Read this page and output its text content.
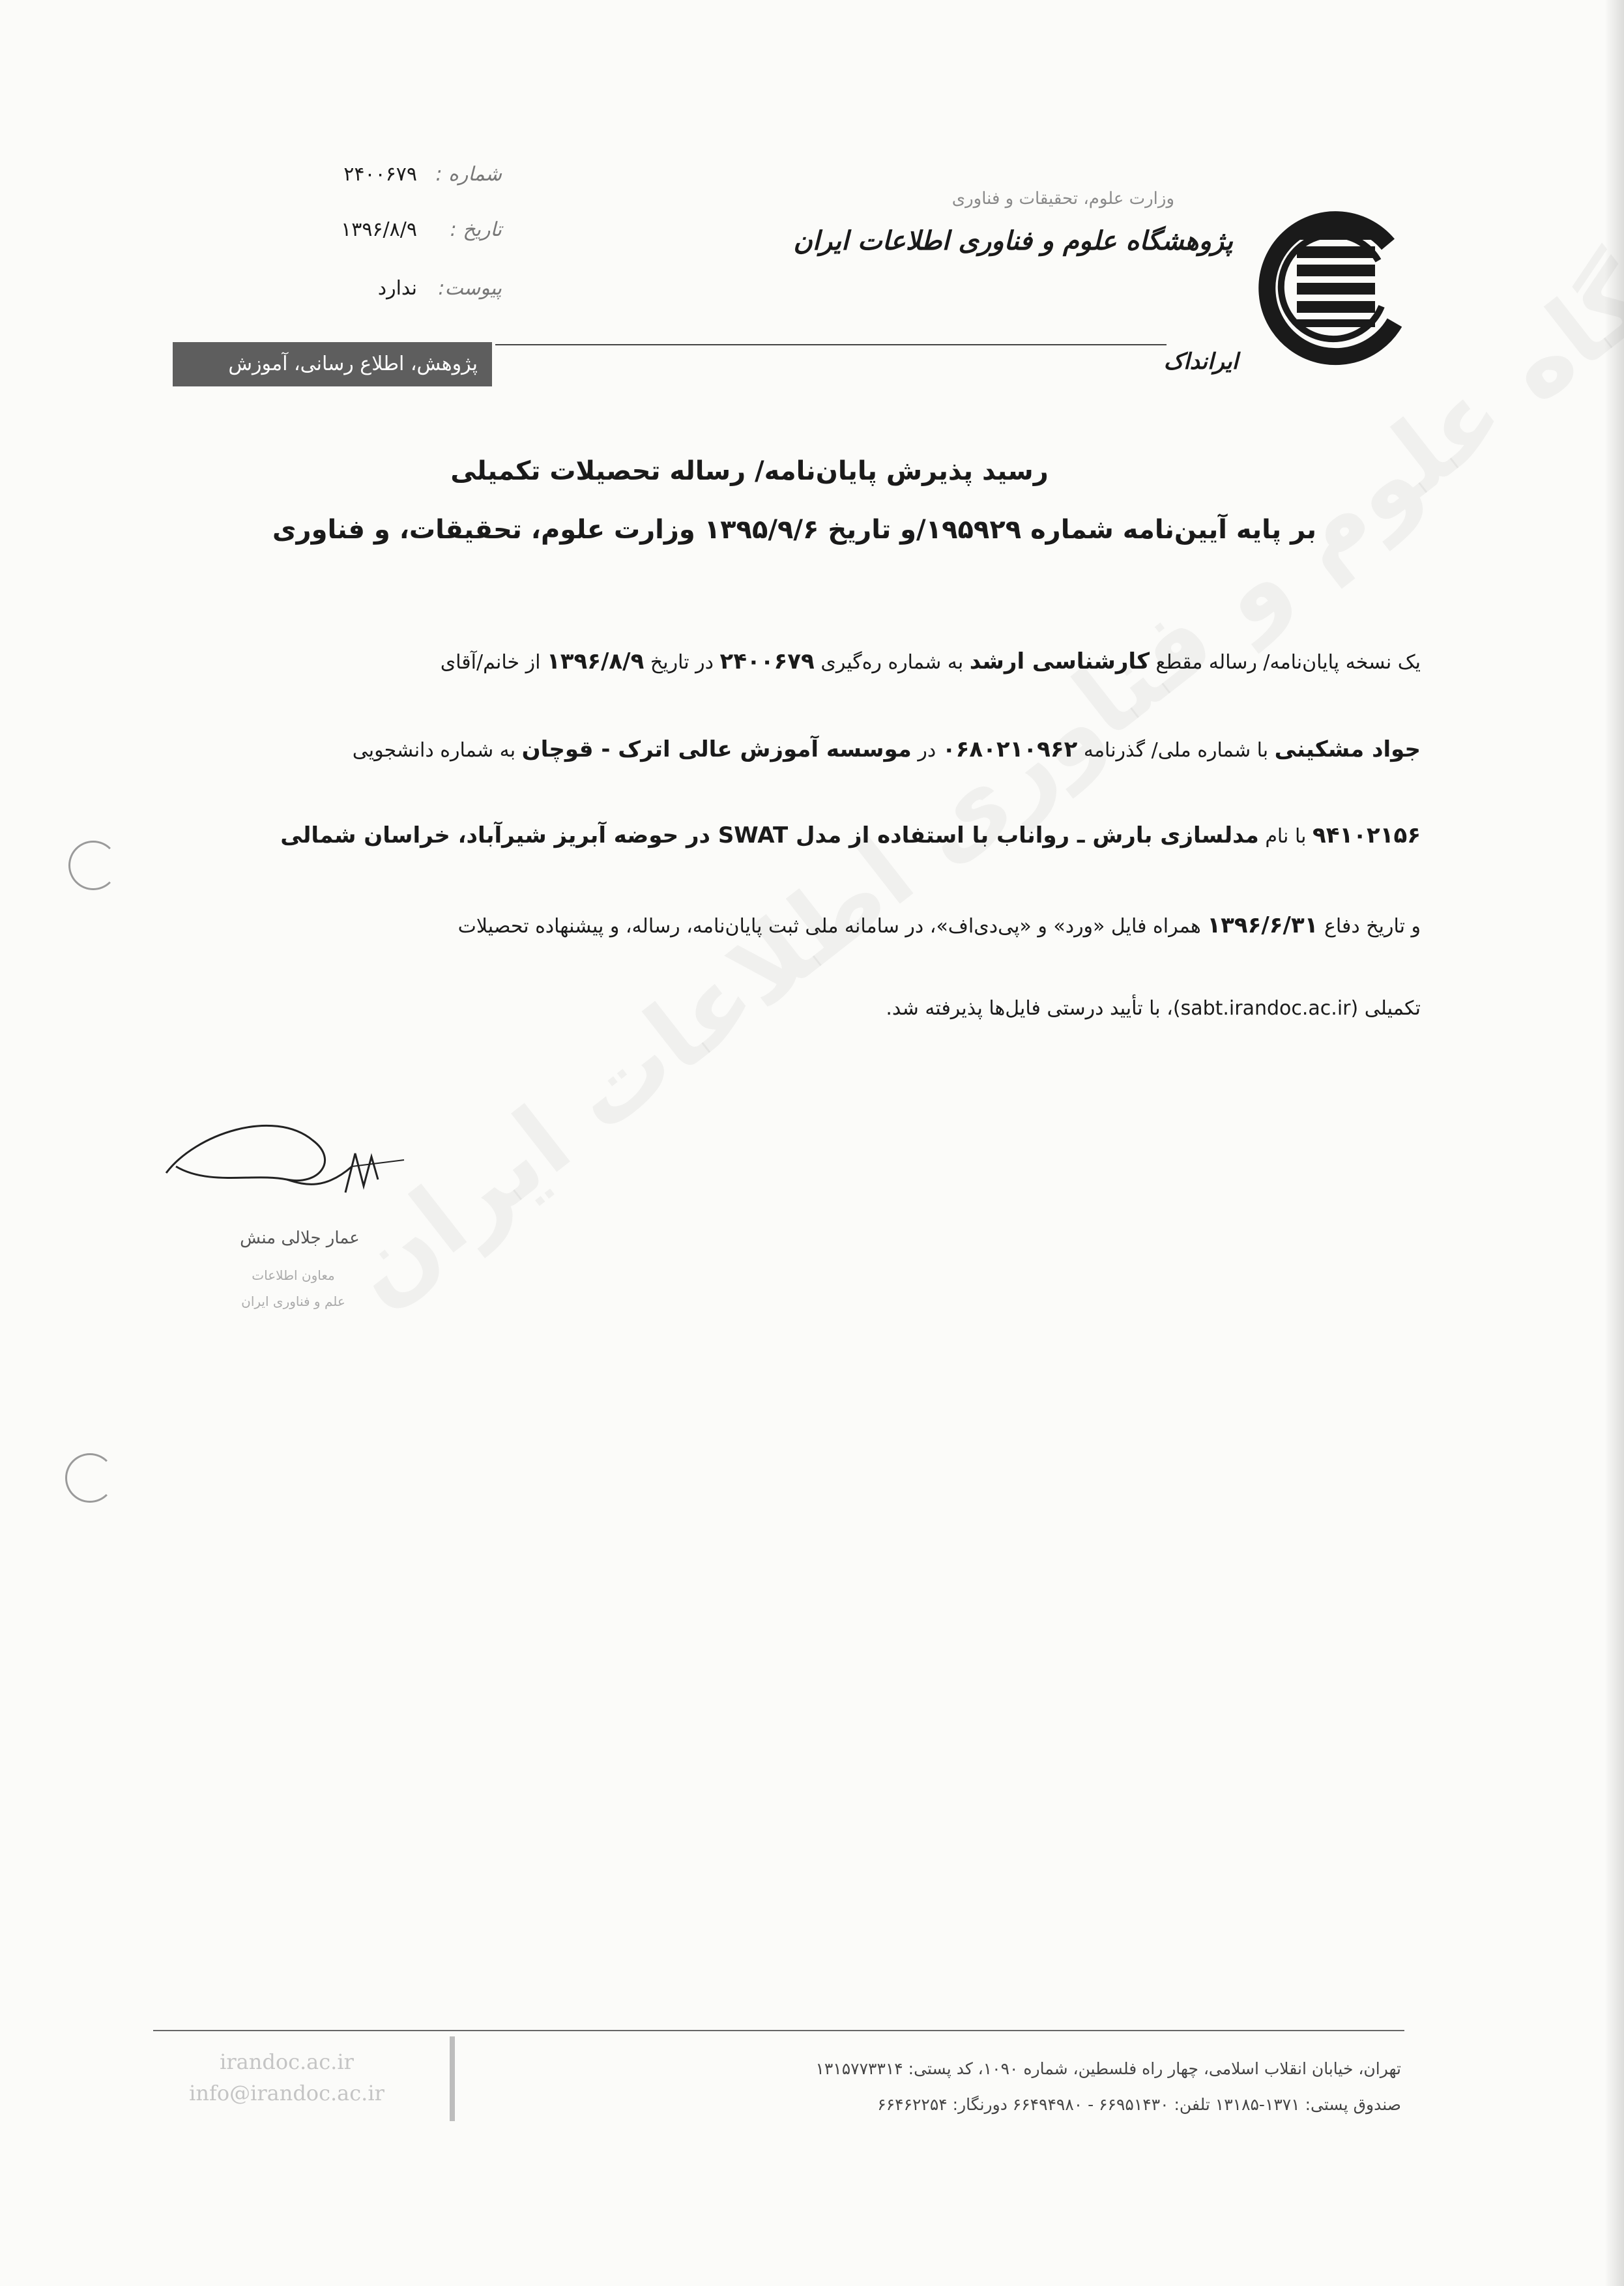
وزارت علوم، تحقیقات و فناوری
پژوهشگاه علوم و فناوری اطلاعات ایران
ایرانداک
شماره :
۲۴۰۰۶۷۹
تاریخ :
۱۳۹۶/۸/۹
پیوست:
ندارد
پژوهش، اطلاع رسانی، آموزش
رسید پذیرش پایان‌نامه/ رساله تحصیلات تکمیلی
بر پایه آیین‌نامه شماره ۱۹۵۹۲۹/و تاریخ ۱۳۹۵/۹/۶ وزارت علوم، تحقیقات، و فناوری
یک نسخه پایان‌نامه/ رساله مقطع کارشناسی ارشد به شماره ره‌گیری ۲۴۰۰۶۷۹ در تاریخ ۱۳۹۶/۸/۹ از خانم/آقای
جواد مشکینی با شماره ملی/ گذرنامه ۰۶۸۰۲۱۰۹۶۲ در موسسه آموزش عالی اترک - قوچان به شماره دانشجویی
۹۴۱۰۲۱۵۶ با نام مدلسازی بارش ـ رواناب با استفاده از مدل SWAT در حوضه آبریز شیرآباد، خراسان شمالی
و تاریخ دفاع ۱۳۹۶/۶/۳۱ همراه فایل «ورد» و «پی‌دی‌اف»، در سامانه ملی ثبت پایان‌نامه، رساله، و پیشنهاده تحصیلات
تکمیلی (sabt.irandoc.ac.ir)، با تأیید درستی فایل‌ها پذیرفته شد.
عمار جلالی منش
معاون اطلاعات
علم و فناوری ایران
irandoc.ac.ir
info@irandoc.ac.ir
تهران، خیابان انقلاب اسلامی، چهار راه فلسطین، شماره ۱۰۹۰، کد پستی: ۱۳۱۵۷۷۳۳۱۴
صندوق پستی: ۱۳۷۱-۱۳۱۸۵ تلفن: ۶۶۹۵۱۴۳۰ - ۶۶۴۹۴۹۸۰ دورنگار: ۶۶۴۶۲۲۵۴
